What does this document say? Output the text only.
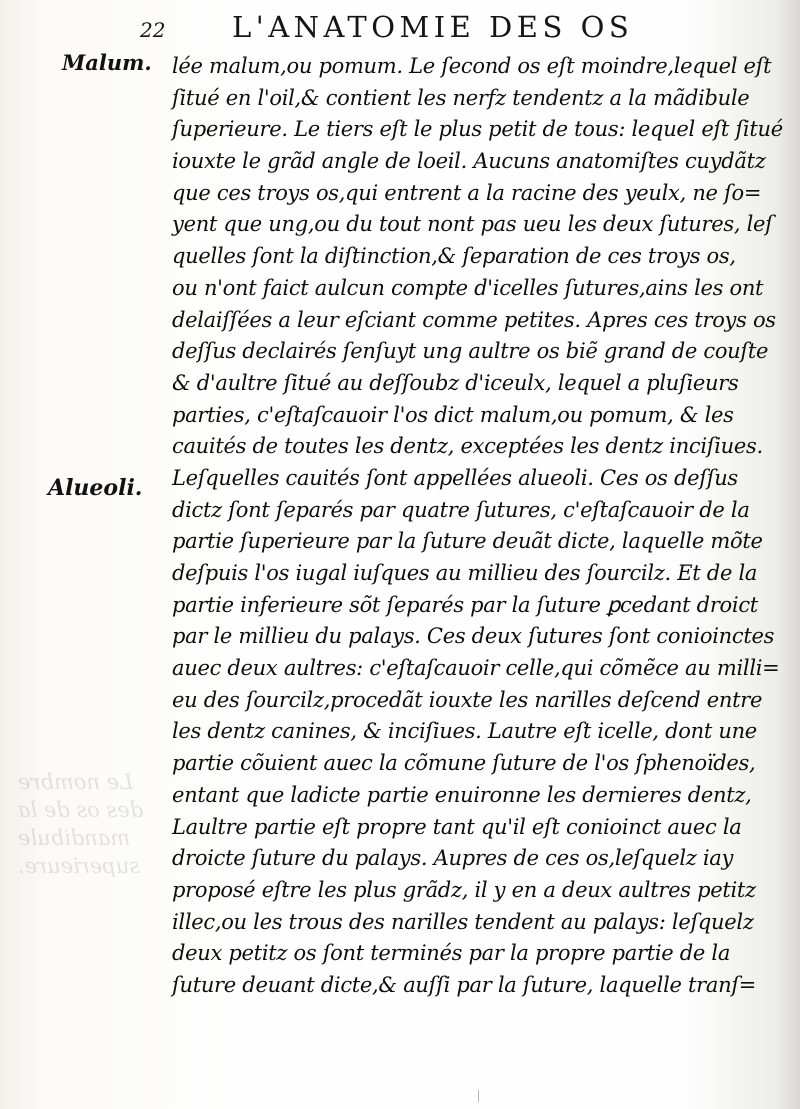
Le nombre
des os de la
mandibule
superieure.
22 L'ANATOMIE DES OS
Malum.
Alueoli.
lée malum,ou pomum. Le ſecond os eſt moindre,lequel eſt
ſitué en l'oil,& contient les nerfz tendentz a la mãdibule
ſuperieure. Le tiers eſt le plus petit de tous: lequel eſt ſitué
iouxte le grãd angle de loeil. Aucuns anatomiſtes cuydãtz
que ces troys os,qui entrent a la racine des yeulx, ne ſo=
yent que ung,ou du tout nont pas ueu les deux ſutures, leſ
quelles ſont la diſtinction,& ſeparation de ces troys os,
ou n'ont faict aulcun compte d'icelles ſutures,ains les ont
delaiſſées a leur eſciant comme petites. Apres ces troys os
deſſus declairés ſenſuyt ung aultre os biẽ grand de couſte
& d'aultre ſitué au deſſoubz d'iceulx, lequel a pluſieurs
parties, c'eſtaſcauoir l'os dict malum,ou pomum, & les
cauités de toutes les dentz, exceptées les dentz inciſiues.
Leſquelles cauités ſont appellées alueoli. Ces os deſſus
dictz ſont ſeparés par quatre ſutures, c'eſtaſcauoir de la
partie ſuperieure par la ſuture deuãt dicte, laquelle mõte
deſpuis l'os iugal iuſques au millieu des ſourcilz. Et de la
partie inferieure sõt ſeparés par la ſuture ꝑcedant droict
par le millieu du palays. Ces deux ſutures ſont conioinctes
auec deux aultres: c'eſtaſcauoir celle,qui cõmẽce au milli=
eu des ſourcilz,procedãt iouxte les narilles deſcend entre
les dentz canines, & inciſiues. Lautre eſt icelle, dont une
partie cõuient auec la cõmune ſuture de l'os ſphenoïdes,
entant que ladicte partie enuironne les dernieres dentz,
Laultre partie eſt propre tant qu'il eſt conioinct auec la
droicte ſuture du palays. Aupres de ces os,leſquelz iay
proposé eſtre les plus grãdz, il y en a deux aultres petitz
illec,ou les trous des narilles tendent au palays: leſquelz
deux petitz os ſont terminés par la propre partie de la
ſuture deuant dicte,& auſſi par la ſuture, laquelle tranſ=
